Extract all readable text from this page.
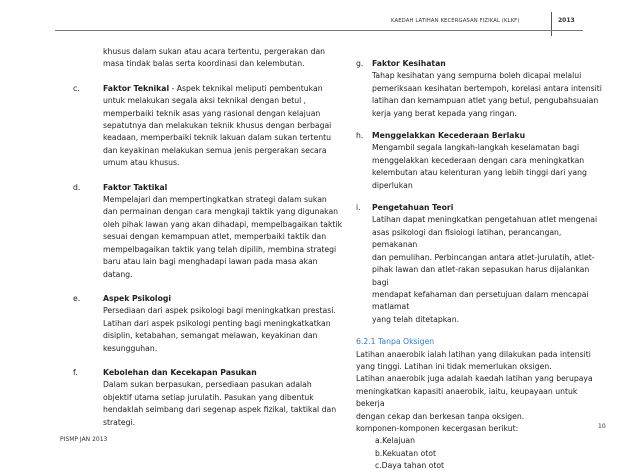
KAEDAH LATIHAN KECERGASAN FIZIKAL (KLKF)	2013

khusus dalam sukan atau acara tertentu, pergerakan dan

masa tindak balas serta koordinasi dan kelembutan.

c.	Faktor Teknikal - Aspek teknikal meliputi pembentukan

untuk melakukan segala aksi teknikal dengan betul ,

memperbaiki teknik asas yang rasional dengan kelajuan

sepatutnya dan melakukan teknik khusus dengan berbagai

keadaan, memperbaiki teknik lakuan dalam sukan tertentu

dan keyakinan melakukan semua jenis pergerakan secara

umum atau khusus.

d.	Faktor Taktikal

Mempelajari dan mempertingkatkan strategi dalam sukan

dan permainan dengan cara mengkaji taktik yang digunakan

oleh pihak lawan yang akan dihadapi, mempelbagaikan taktik

sesuai dengan kemampuan atlet, memperbaiki taktik dan

mempelbagaikan taktik yang telah dipilih, membina strategi

baru atau lain bagi menghadapi lawan pada masa akan datang.

e.	Aspek Psikologi

Persediaan dari aspek psikologi bagi meningkatkan prestasi.

Latihan dari aspek psikologi penting bagi meningkatkatkan

disiplin, ketabahan, semangat melawan, keyakinan dan

kesungguhan.

f.	Kebolehan dan Kecekapan Pasukan

Dalam sukan berpasukan, persediaan pasukan adalah

objektif utama setiap jurulatih. Pasukan yang dibentuk

hendaklah seimbang dari segenap aspek fizikal, taktikal dan

strategi.

g. Faktor Kesihatan

Tahap kesihatan yang sempurna boleh dicapai melalui

pemeriksaan kesihatan bertempoh, korelasi antara intensiti

latihan dan kemampuan atlet yang betul, pengubahsuaian

kerja yang berat kepada yang ringan.

h. Menggelakkan Kecederaan Berlaku

Mengambil segala langkah-langkah keselamatan bagi

menggelakkan kecederaan dengan cara meningkatkan

kelembutan atau kelenturan yang lebih tinggi dari yang

diperlukan

i. Pengetahuan Teori

Latihan dapat meningkatkan pengetahuan atlet mengenai

asas psikologi dan fisiologi latihan, perancangan, pemakanan

dan pemulihan. Perbincangan antara atlet-jurulatih, atlet-

pihak lawan dan atlet-rakan sepasukan harus dijalankan bagi

mendapat kefahaman dan persetujuan dalam mencapai matlamat

yang telah ditetapkan.

6.2.1 Tanpa Oksigen

Latihan anaerobik ialah latihan yang dilakukan pada intensiti

yang tinggi. Latihan ini tidak memerlukan oksigen.

Latihan anaerobik juga adalah kaedah latihan yang berupaya

meningkatkan kapasiti anaerobik, iaitu, keupayaan untuk bekerja

dengan cekap dan berkesan tanpa oksigen.

komponen-komponen kecergasan berikut:

a.Kelajuan

b.Kekuatan otot

c.Daya tahan otot

10
PISMP JAN 2013
